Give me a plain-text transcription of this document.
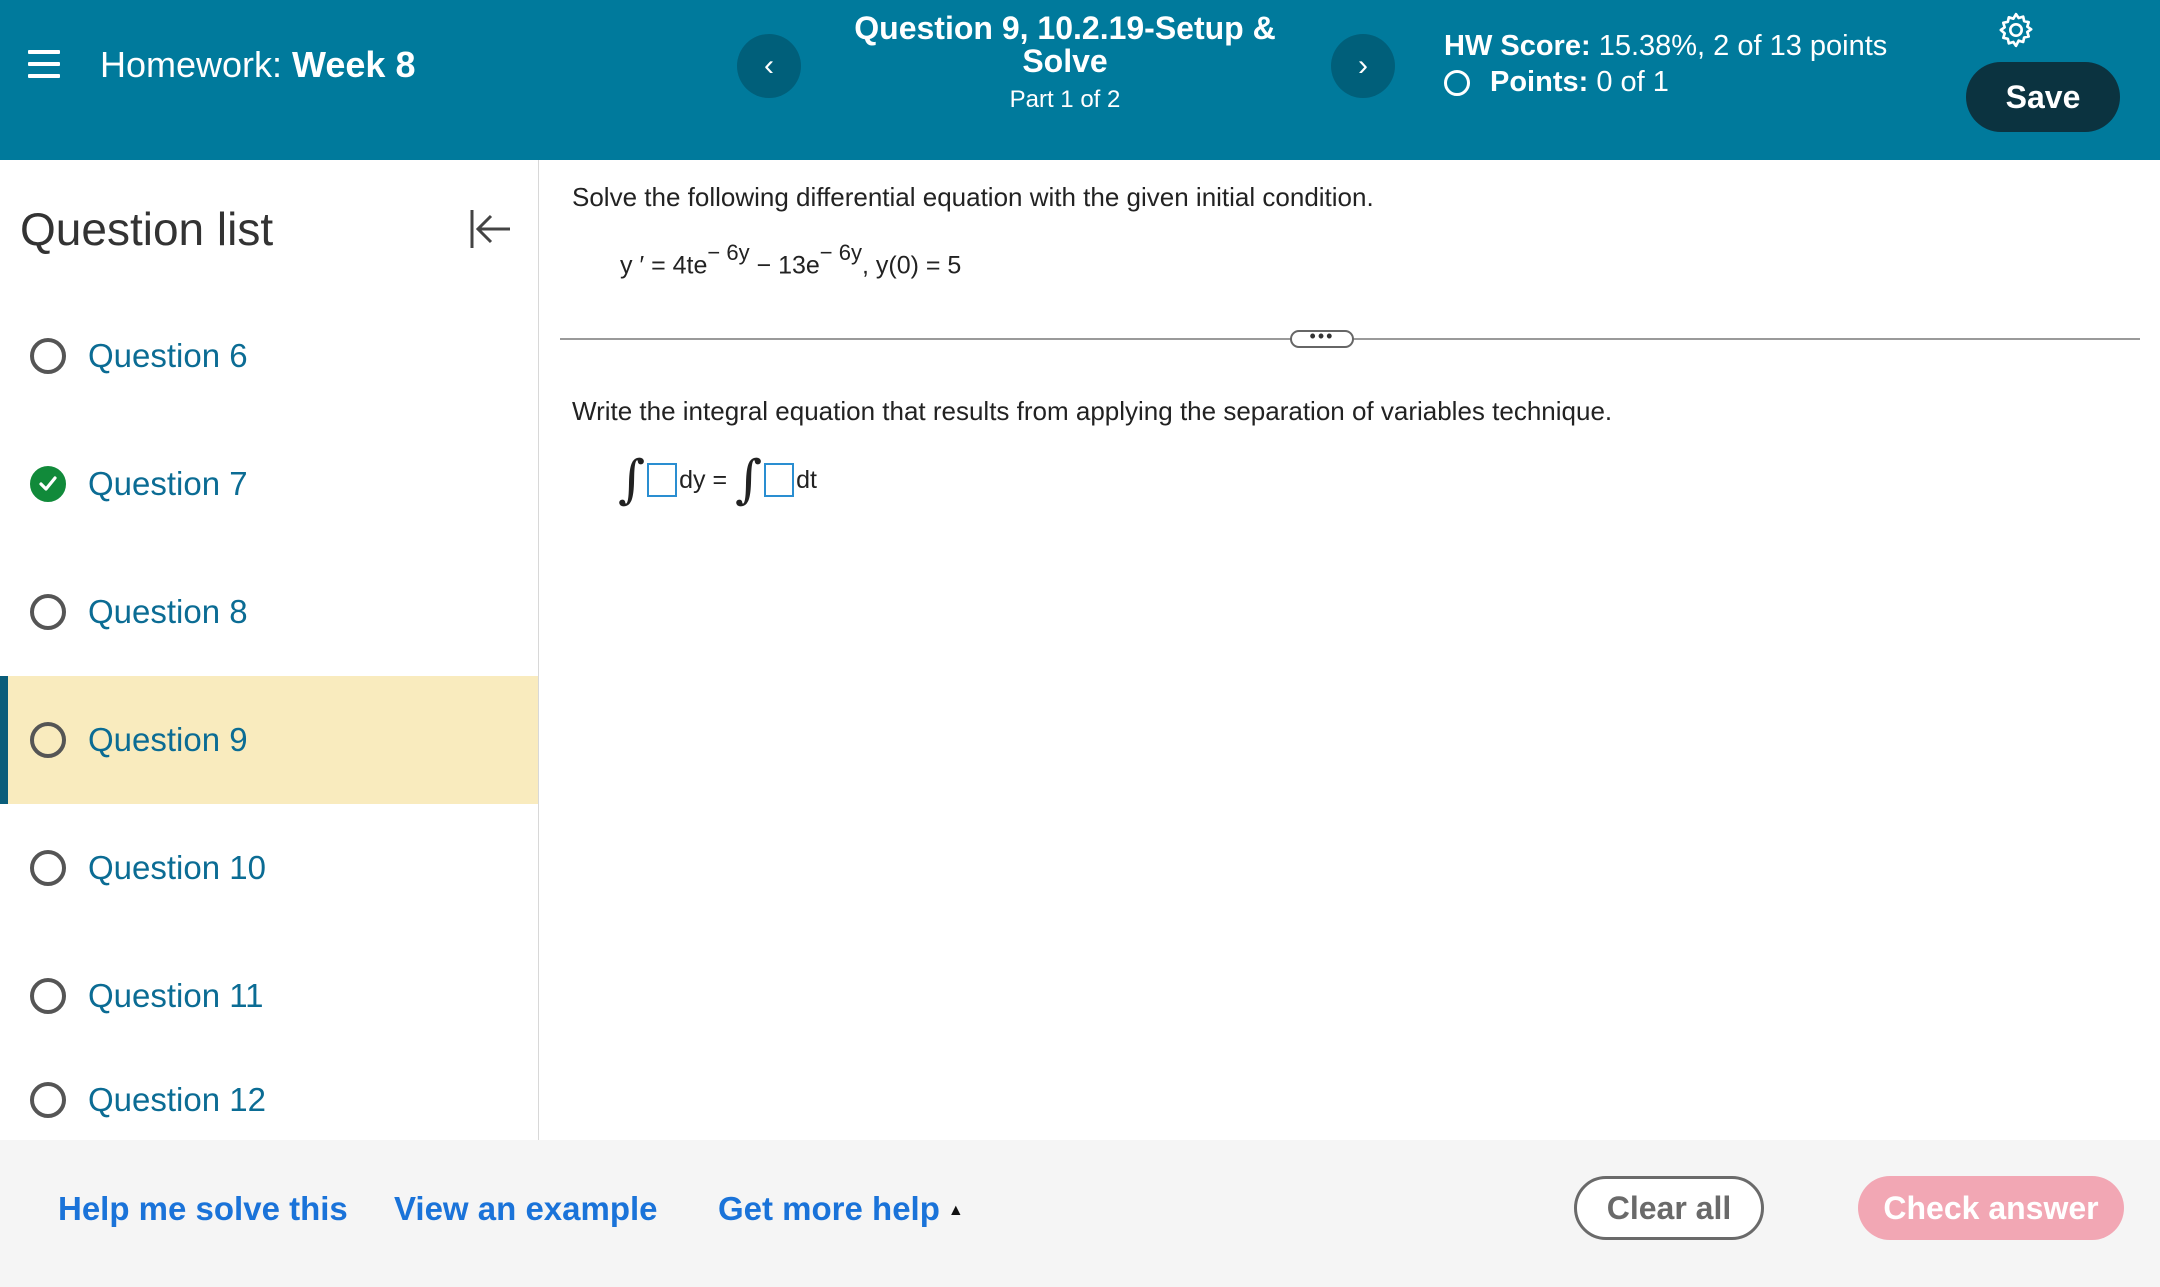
Homework: Week 8	‹
Question 9, 10.2.19-Setup & Solve
Part 1 of 2
›
HW Score: 15.38%, 2 of 13 points
Points:
0 of 1	Save
Question list
Question 6
Question 7
Question 8
Question 9
Question 10
Question 11
Question 12
Solve the following differential equation with the given initial condition.
y ′ = $4te^{- 6y} - 13e^{- 6y}$, y(0) = 5
•••
Write the integral equation that results from applying the separation of variables technique.
∫ dy = ∫ dt
Help me solve this View an example Get more help ▲	Clear all	Check answer
